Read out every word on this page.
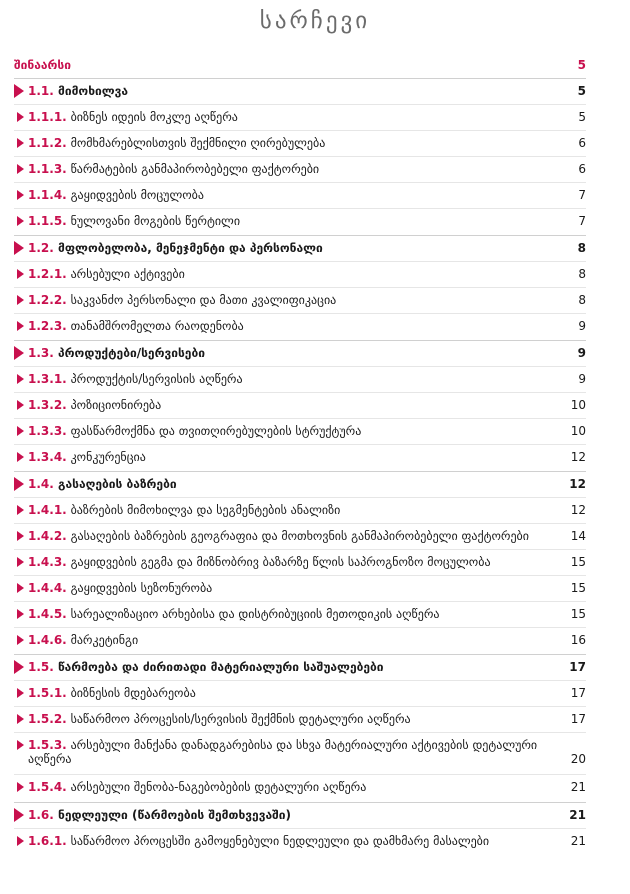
სარჩევი
შინაარსი	5
1.1. მიმოხილვა	5
1.1.1. ბიზნეს იდეის მოკლე აღწერა	5
1.1.2. მომხმარებლისთვის შექმნილი ღირებულება	6
1.1.3. წარმატების განმაპირობებელი ფაქტორები	6
1.1.4. გაყიდვების მოცულობა	7
1.1.5. ნულოვანი მოგების წერტილი	7
1.2. მფლობელობა, მენეჯმენტი და პერსონალი	8
1.2.1. არსებული აქტივები	8
1.2.2. საკვანძო პერსონალი და მათი კვალიფიკაცია	8
1.2.3. თანამშრომელთა რაოდენობა	9
1.3. პროდუქტები/სერვისები	9
1.3.1. პროდუქტის/სერვისის აღწერა	9
1.3.2. პოზიციონირება	10
1.3.3. ფასწარმოქმნა და თვითღირებულების სტრუქტურა	10
1.3.4. კონკურენცია	12
1.4. გასაღების ბაზრები	12
1.4.1. ბაზრების მიმოხილვა და სეგმენტების ანალიზი	12
1.4.2. გასაღების ბაზრების გეოგრაფია და მოთხოვნის განმაპირობებელი ფაქტორები	14
1.4.3. გაყიდვების გეგმა და მიზნობრივ ბაზარზე წლის საპროგნოზო მოცულობა	15
1.4.4. გაყიდვების სეზონურობა	15
1.4.5. სარეალიზაციო არხებისა და დისტრიბუციის მეთოდიკის აღწერა	15
1.4.6. მარკეტინგი	16
1.5. წარმოება და ძირითადი მატერიალური საშუალებები	17
1.5.1. ბიზნესის მდებარეობა	17
1.5.2. საწარმოო პროცესის/სერვისის შექმნის დეტალური აღწერა	17
1.5.3. არსებული მანქანა დანადგარებისა და სხვა მატერიალური აქტივების დეტალური აღწერა	20
1.5.4. არსებული შენობა-ნაგებობების დეტალური აღწერა	21
1.6. ნედლეული (წარმოების შემთხვევაში)	21
1.6.1. საწარმოო პროცესში გამოყენებული ნედლეული და დამხმარე მასალები	21
